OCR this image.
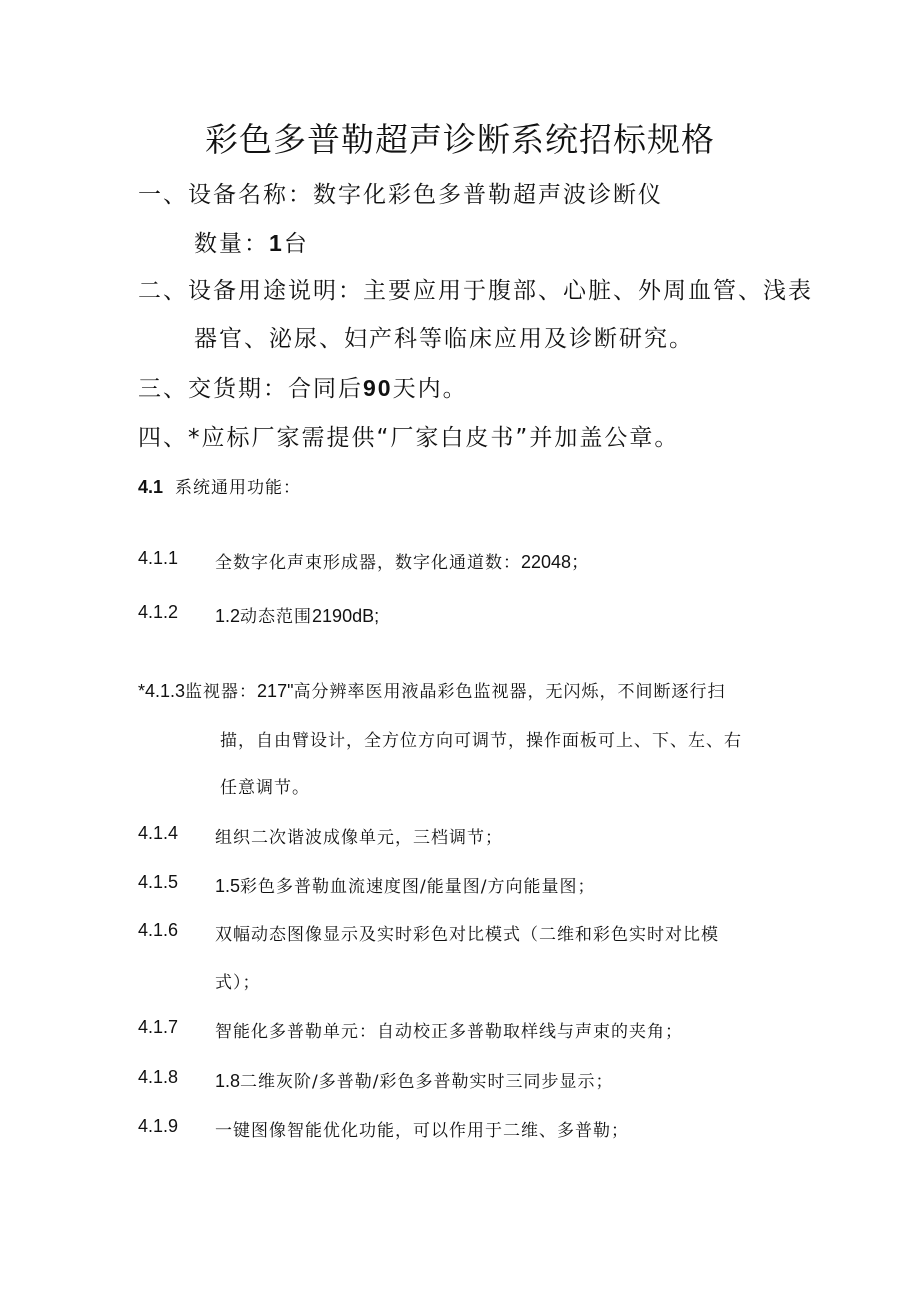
彩色多普勒超声诊断系统招标规格
一、设备名称：数字化彩色多普勒超声波诊断仪
数量：1台
二、设备用途说明：主要应用于腹部、心脏、外周血管、浅表
器官、泌尿、妇产科等临床应用及诊断研究。
三、交货期：合同后90天内。
四、*应标厂家需提供“厂家白皮书”并加盖公章。
4.1 系统通用功能：
4.1.1 全数字化声束形成器，数字化通道数：22048；
4.1.2 1.2动态范围2190dB;
*4.1.3监视器：217"高分辨率医用液晶彩色监视器，无闪烁，不间断逐行扫
描，自由臂设计，全方位方向可调节，操作面板可上、下、左、右
任意调节。
4.1.4 组织二次谐波成像单元，三档调节；
4.1.5 1.5彩色多普勒血流速度图/能量图/方向能量图；
4.1.6 双幅动态图像显示及实时彩色对比模式（二维和彩色实时对比模
式）；
4.1.7 智能化多普勒单元：自动校正多普勒取样线与声束的夹角；
4.1.8 1.8二维灰阶/多普勒/彩色多普勒实时三同步显示；
4.1.9 一键图像智能优化功能，可以作用于二维、多普勒；
